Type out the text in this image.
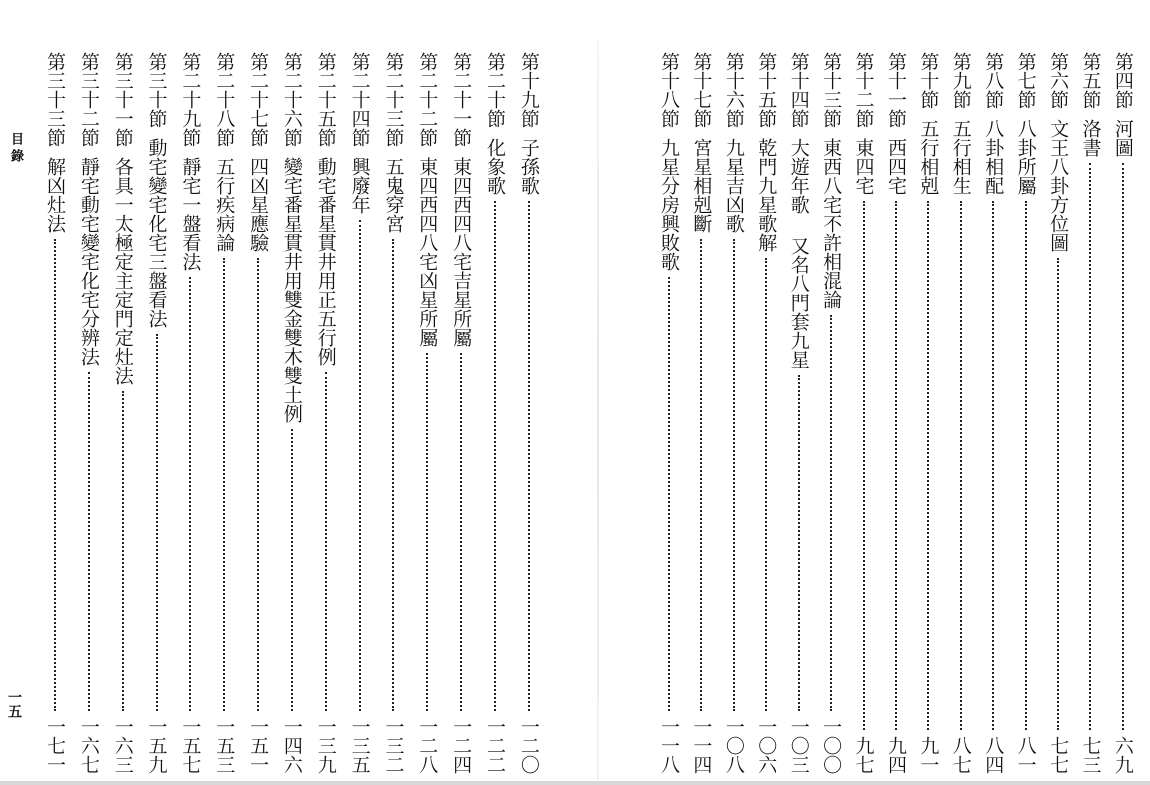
目錄
一五
第十九節
子孫歌
一二〇
第二十節
化象歌
一二二
第二十一節
東四西四八宅吉星所屬
一二四
第二十二節
東四西四八宅凶星所屬
一二八
第二十三節
五鬼穿宮
一三二
第二十四節
興廢年
一三五
第二十五節
動宅番星貫井用正五行例
一三九
第二十六節
變宅番星貫井用雙金雙木雙土例
一四六
第二十七節
四凶星應驗
一五一
第二十八節
五行疾病論
一五三
第二十九節
靜宅一盤看法
一五七
第三十節
動宅變宅化宅三盤看法
一五九
第三十一節
各具一太極定主定門定灶法
一六三
第三十二節
靜宅動宅變宅化宅分辨法
一六七
第三十三節
解凶灶法
一七一
第四節
河圖
六九
第五節
洛書
七三
第六節
文王八卦方位圖
七七
第七節
八卦所屬
八一
第八節
八卦相配
八四
第九節
五行相生
八七
第十節
五行相剋
九一
第十一節
西四宅
九四
第十二節
東四宅
九七
第十三節
東西八宅不許相混論
一〇〇
第十四節
大遊年歌 又名八門套九星
一〇三
第十五節
乾門九星歌解
一〇六
第十六節
九星吉凶歌
一〇八
第十七節
宮星相剋斷
一一四
第十八節
九星分房興敗歌
一一八
